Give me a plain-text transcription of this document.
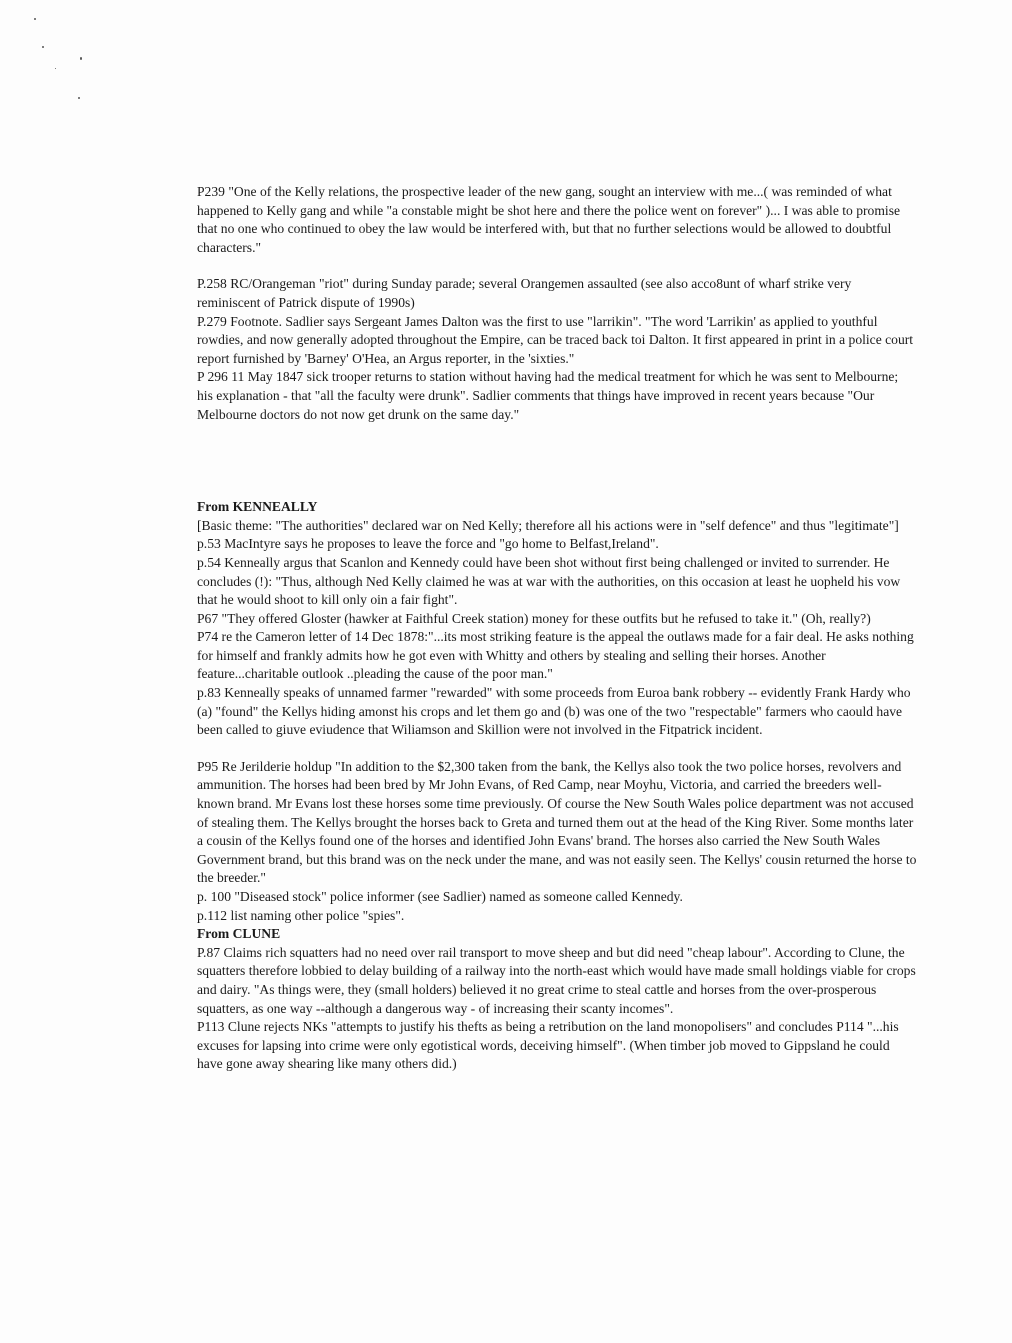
P239 "One of the Kelly relations, the prospective leader of the new gang, sought an interview with me...( was reminded of what happened to Kelly gang and while "a constable might be shot here and there the police went on forever" )... I was able to promise that no one who continued to obey the law would be interfered with, but that no further selections would be allowed to doubtful characters."

P.258 RC/Orangeman "riot" during Sunday parade; several Orangemen assaulted (see also acco8unt of wharf strike very reminiscent of Patrick dispute of 1990s)

P.279 Footnote. Sadlier says Sergeant James Dalton was the first to use "larrikin". "The word 'Larrikin' as applied to youthful rowdies, and now generally adopted throughout the Empire, can be traced back toi Dalton. It first appeared in print in a police court report furnished by 'Barney' O'Hea, an Argus reporter, in the 'sixties."

P 296 11 May 1847 sick trooper returns to station without having had the medical treatment for which he was sent to Melbourne; his explanation - that "all the faculty were drunk". Sadlier comments that things have improved in recent years because "Our Melbourne doctors do not now get drunk on the same day."

From KENNEALLY

[Basic theme: "The authorities" declared war on Ned Kelly; therefore all his actions were in "self defence" and thus "legitimate"]

p.53 MacIntyre says he proposes to leave the force and "go home to Belfast,Ireland".

p.54 Kenneally argus that Scanlon and Kennedy could have been shot without first being challenged or invited to surrender. He concludes (!): "Thus, although Ned Kelly claimed he was at war with the authorities, on this occasion at least he uopheld his vow that he would shoot to kill only oin a fair fight".

P67 "They offered Gloster (hawker at Faithful Creek station) money for these outfits but he refused to take it." (Oh, really?)

P74 re the Cameron letter of 14 Dec 1878:"...its most striking feature is the appeal the outlaws made for a fair deal. He asks nothing for himself and frankly admits how he got even with Whitty and others by stealing and selling their horses. Another feature...charitable outlook ..pleading the cause of the poor man."

p.83 Kenneally speaks of unnamed farmer "rewarded" with some proceeds from Euroa bank robbery -- evidently Frank Hardy who (a) "found" the Kellys hiding amonst his crops and let them go and (b) was one of the two "respectable" farmers who caould have been called to giuve eviudence that Wiliamson and Skillion were not involved in the Fitpatrick incident.

P95 Re Jerilderie holdup "In addition to the $2,300 taken from the bank, the Kellys also took the two police horses, revolvers and ammunition. The horses had been bred by Mr John Evans, of Red Camp, near Moyhu, Victoria, and carried the breeders well-known brand. Mr Evans lost these horses some time previously. Of course the New South Wales police department was not accused of stealing them. The Kellys brought the horses back to Greta and turned them out at the head of the King River. Some months later a cousin of the Kellys found one of the horses and identified John Evans' brand. The horses also carried the New South Wales Government brand, but this brand was on the neck under the mane, and was not easily seen. The Kellys' cousin returned the horse to the breeder."

p. 100 "Diseased stock" police informer (see Sadlier) named as someone called Kennedy.

p.112 list naming other police "spies".

From CLUNE

P.87 Claims rich squatters had no need over rail transport to move sheep and but did need "cheap labour". According to Clune, the squatters therefore lobbied to delay building of a railway into the north-east which would have made small holdings viable for crops and dairy. "As things were, they (small holders) believed it no great crime to steal cattle and horses from the over-prosperous squatters, as one way --although a dangerous way - of increasing their scanty incomes".

P113 Clune rejects NKs "attempts to justify his thefts as being a retribution on the land monopolisers" and concludes P114 "...his excuses for lapsing into crime were only egotistical words, deceiving himself". (When timber job moved to Gippsland he could have gone away shearing like many others did.)
